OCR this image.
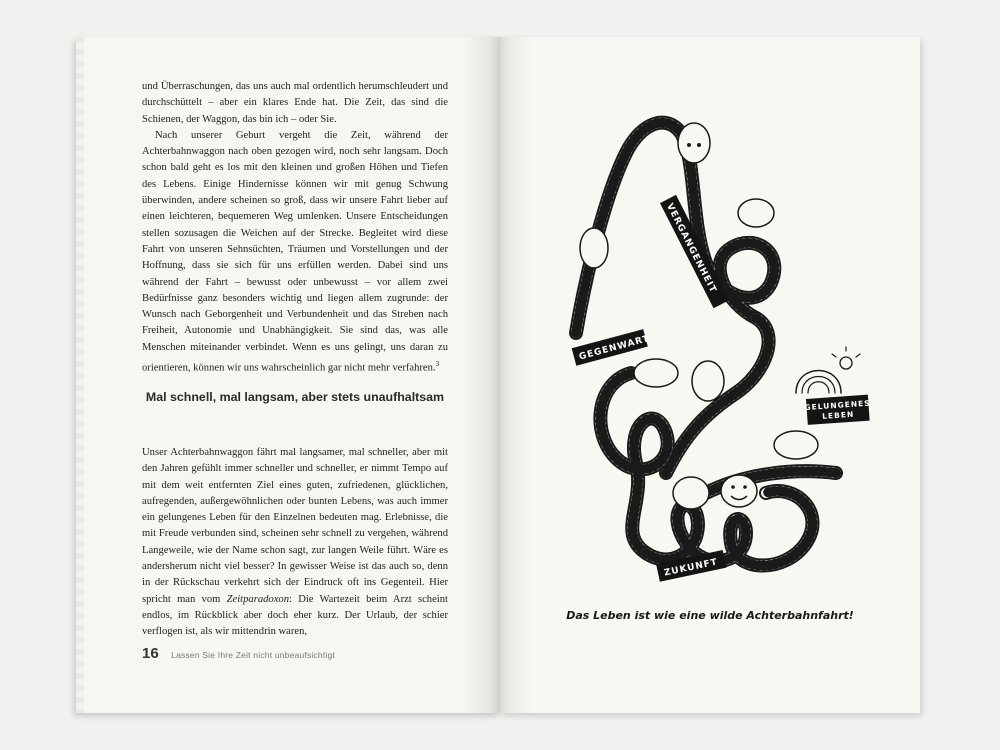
und Überraschungen, das uns auch mal ordentlich herumschleudert und durchschüttelt – aber ein klares Ende hat. Die Zeit, das sind die Schienen, der Waggon, das bin ich – oder Sie.

Nach unserer Geburt vergeht die Zeit, während der Achterbahnwaggon nach oben gezogen wird, noch sehr langsam. Doch schon bald geht es los mit den kleinen und großen Höhen und Tiefen des Lebens. Einige Hindernisse können wir mit genug Schwung überwinden, andere scheinen so groß, dass wir unsere Fahrt lieber auf einen leichteren, bequemeren Weg umlenken. Unsere Entscheidungen stellen sozusagen die Weichen auf der Strecke. Begleitet wird diese Fahrt von unseren Sehnsüchten, Träumen und Vorstellungen und der Hoffnung, dass sie sich für uns erfüllen werden. Dabei sind uns während der Fahrt – bewusst oder unbewusst – vor allem zwei Bedürfnisse ganz besonders wichtig und liegen allem zugrunde: der Wunsch nach Geborgenheit und Verbundenheit und das Streben nach Freiheit, Autonomie und Unabhängigkeit. Sie sind das, was alle Menschen miteinander verbindet. Wenn es uns gelingt, uns daran zu orientieren, können wir uns wahrscheinlich gar nicht mehr verfahren.$^3$

Mal schnell, mal langsam, aber stets unaufhaltsam

Unser Achterbahnwaggon fährt mal langsamer, mal schneller, aber mit den Jahren gefühlt immer schneller und schneller, er nimmt Tempo auf mit dem weit entfernten Ziel eines guten, zufriedenen, glücklichen, aufregenden, außergewöhnlichen oder bunten Lebens, was auch immer ein gelungenes Leben für den Einzelnen bedeuten mag. Erlebnisse, die mit Freude verbunden sind, scheinen sehr schnell zu vergehen, während Langeweile, wie der Name schon sagt, zur langen Weile führt. Wäre es andersherum nicht viel besser? In gewisser Weise ist das auch so, denn in der Rückschau verkehrt sich der Eindruck oft ins Gegenteil. Hier spricht man vom Zeitparadoxon: Die Wartezeit beim Arzt scheint endlos, im Rückblick aber doch eher kurz. Der Urlaub, der schier verflogen ist, als wir mittendrin waren,

16 Lassen Sie Ihre Zeit nicht unbeaufsichtigt
VERGANGENHEIT
GEGENWART
GELUNGENES
LEBEN
ZUKUNFT
Das Leben ist wie eine wilde Achterbahnfahrt!
